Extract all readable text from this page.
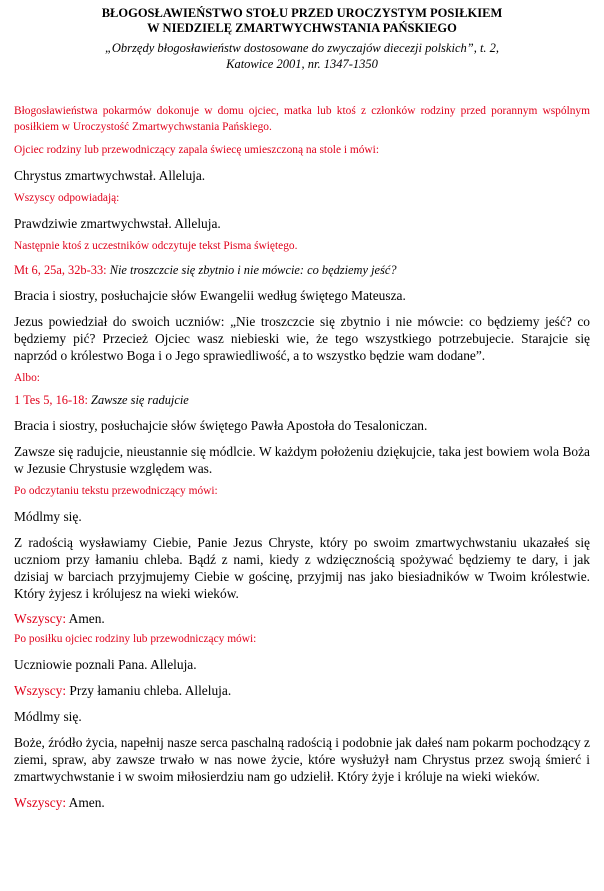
BŁOGOSŁAWIEŃSTWO STOŁU PRZED UROCZYSTYM POSIŁKIEM

W NIEDZIELĘ ZMARTWYCHWSTANIA PAŃSKIEGO

„Obrzędy błogosławieństw dostosowane do zwyczajów diecezji polskich”, t. 2,

Katowice 2001, nr. 1347-1350

Błogosławieństwa pokarmów dokonuje w domu ojciec, matka lub ktoś z członków rodziny przed porannym wspólnym posiłkiem w Uroczystość Zmartwychwstania Pańskiego.

Ojciec rodziny lub przewodniczący zapala świecę umieszczoną na stole i mówi:

Chrystus zmartwychwstał. Alleluja.

Wszyscy odpowiadają:

Prawdziwie zmartwychwstał. Alleluja.

Następnie ktoś z uczestników odczytuje tekst Pisma świętego.

Mt 6, 25a, 32b-33: Nie troszczcie się zbytnio i nie mówcie: co będziemy jeść?

Bracia i siostry, posłuchajcie słów Ewangelii według świętego Mateusza.

Jezus powiedział do swoich uczniów: „Nie troszczcie się zbytnio i nie mówcie: co będziemy jeść? co będziemy pić? Przecież Ojciec wasz niebieski wie, że tego wszystkiego potrzebujecie. Starajcie się naprzód o królestwo Boga i o Jego sprawiedliwość, a to wszystko będzie wam dodane”.

Albo:

1 Tes 5, 16-18: Zawsze się radujcie

Bracia i siostry, posłuchajcie słów świętego Pawła Apostoła do Tesaloniczan.

Zawsze się radujcie, nieustannie się módlcie. W każdym położeniu dziękujcie, taka jest bowiem wola Boża w Jezusie Chrystusie względem was.

Po odczytaniu tekstu przewodniczący mówi:

Módlmy się.

Z radością wysławiamy Ciebie, Panie Jezus Chryste, który po swoim zmartwychwstaniu ukazałeś się uczniom przy łamaniu chleba. Bądź z nami, kiedy z wdzięcznością spożywać będziemy te dary, i jak dzisiaj w barciach przyjmujemy Ciebie w gościnę, przyjmij nas jako biesiadników w Twoim królestwie. Który żyjesz i królujesz na wieki wieków.

Wszyscy: Amen.

Po posiłku ojciec rodziny lub przewodniczący mówi:

Uczniowie poznali Pana. Alleluja.

Wszyscy: Przy łamaniu chleba. Alleluja.

Módlmy się.

Boże, źródło życia, napełnij nasze serca paschalną radością i podobnie jak dałeś nam pokarm pochodzący z ziemi, spraw, aby zawsze trwało w nas nowe życie, które wysłużył nam Chrystus przez swoją śmierć i zmartwychwstanie i w swoim miłosierdziu nam go udzielił. Który żyje i króluje na wieki wieków.

Wszyscy: Amen.
